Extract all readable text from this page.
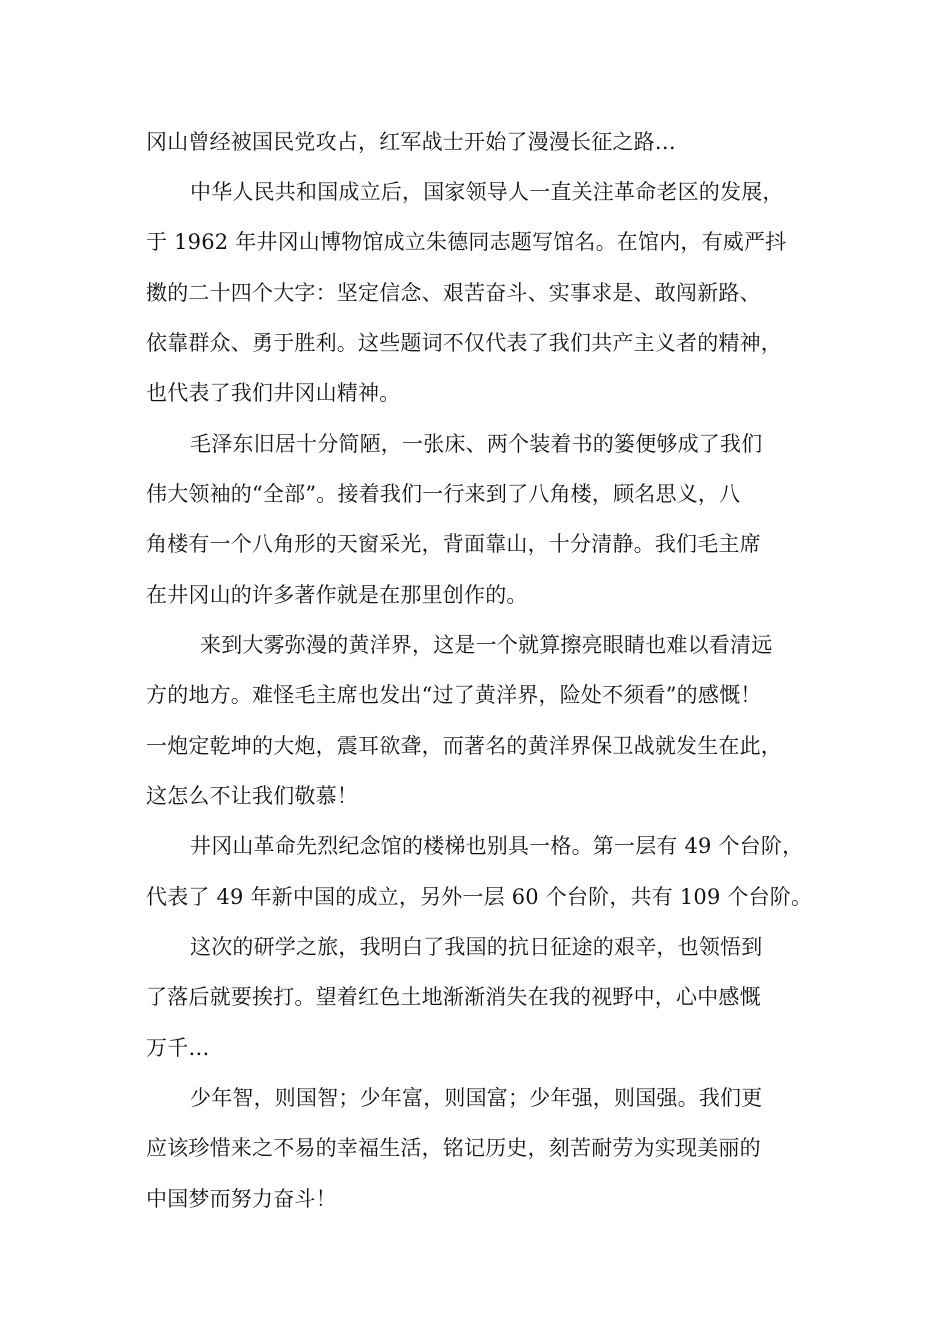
冈山曾经被国民党攻占，红军战士开始了漫漫长征之路…
中华人民共和国成立后，国家领导人一直关注革命老区的发展，
于 1962 年井冈山博物馆成立朱德同志题写馆名。在馆内，有威严抖
擞的二十四个大字：坚定信念、艰苦奋斗、实事求是、敢闯新路、
依靠群众、勇于胜利。这些题词不仅代表了我们共产主义者的精神，
也代表了我们井冈山精神。
毛泽东旧居十分简陋，一张床、两个装着书的篓便够成了我们
伟大领袖的“全部”。接着我们一行来到了八角楼，顾名思义，八
角楼有一个八角形的天窗采光，背面靠山，十分清静。我们毛主席
在井冈山的许多著作就是在那里创作的。
来到大雾弥漫的黄洋界，这是一个就算擦亮眼睛也难以看清远
方的地方。难怪毛主席也发出“过了黄洋界，险处不须看”的感慨！
一炮定乾坤的大炮，震耳欲聋，而著名的黄洋界保卫战就发生在此，
这怎么不让我们敬慕！
井冈山革命先烈纪念馆的楼梯也别具一格。第一层有 49 个台阶，
代表了 49 年新中国的成立，另外一层 60 个台阶，共有 109 个台阶。
这次的研学之旅，我明白了我国的抗日征途的艰辛，也领悟到
了落后就要挨打。望着红色土地渐渐消失在我的视野中，心中感慨
万千…
少年智，则国智；少年富，则国富；少年强，则国强。我们更
应该珍惜来之不易的幸福生活，铭记历史，刻苦耐劳为实现美丽的
中国梦而努力奋斗！
